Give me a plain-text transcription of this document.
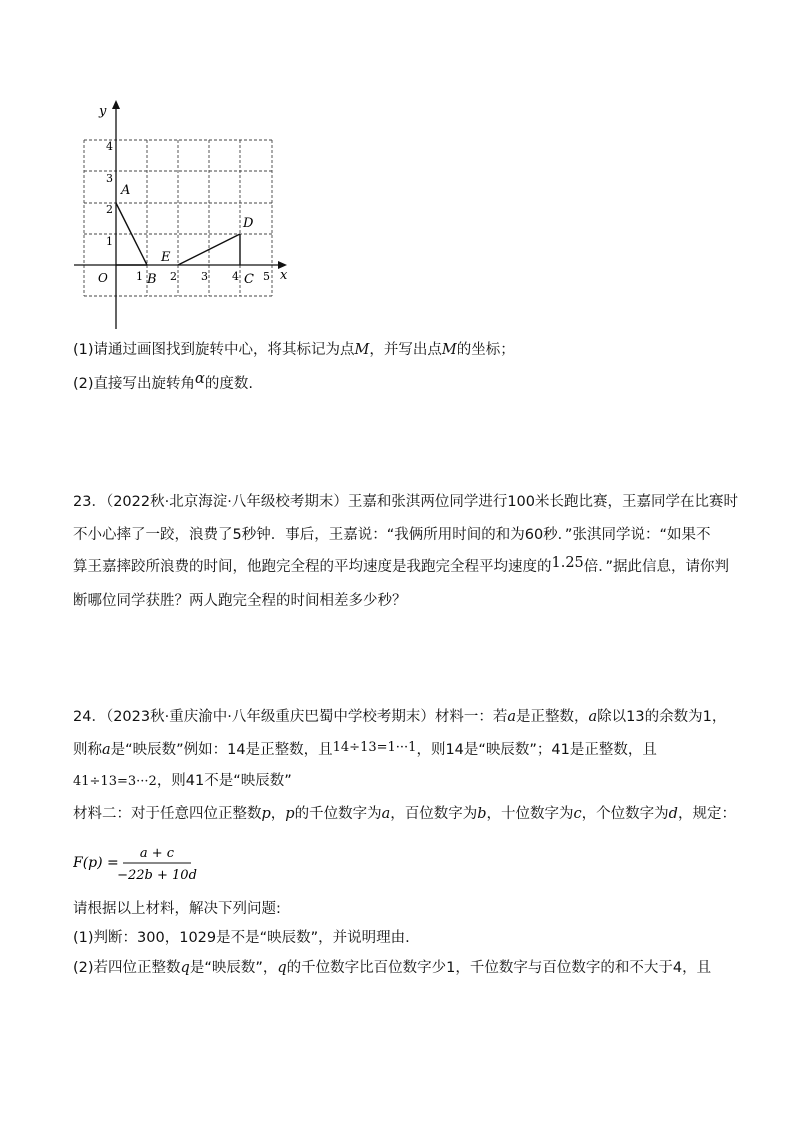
y
x
O
4
3
2
1
1 2 3 4 5
A
B
D
E
C
(1)请通过画图找到旋转中心，将其标记为点M，并写出点M的坐标；
(2)直接写出旋转角α的度数.
23．（2022秋·北京海淀·八年级校考期末）王嘉和张淇两位同学进行100米长跑比赛，王嘉同学在比赛时
不小心摔了一跤，浪费了5秒钟．事后，王嘉说：“我俩所用时间的和为60秒．”张淇同学说：“如果不
算王嘉摔跤所浪费的时间，他跑完全程的平均速度是我跑完全程平均速度的1.25倍．”据此信息，请你判
断哪位同学获胜？两人跑完全程的时间相差多少秒？
24．（2023秋·重庆渝中·八年级重庆巴蜀中学校考期末）材料一：若a是正整数，a除以13的余数为1，
则称a是“映辰数”例如：14是正整数，且14÷13=1···1，则14是“映辰数”；41是正整数，且
41÷13=3···2，则41不是“映辰数”
材料二：对于任意四位正整数p，p的千位数字为a，百位数字为b，十位数字为c，个位数字为d，规定：
F(p) =
a + c
−22b + 10d
请根据以上材料，解决下列问题:
(1)判断：300，1029是不是“映辰数”，并说明理由.
(2)若四位正整数q是“映辰数”，q的千位数字比百位数字少1，千位数字与百位数字的和不大于4，且
